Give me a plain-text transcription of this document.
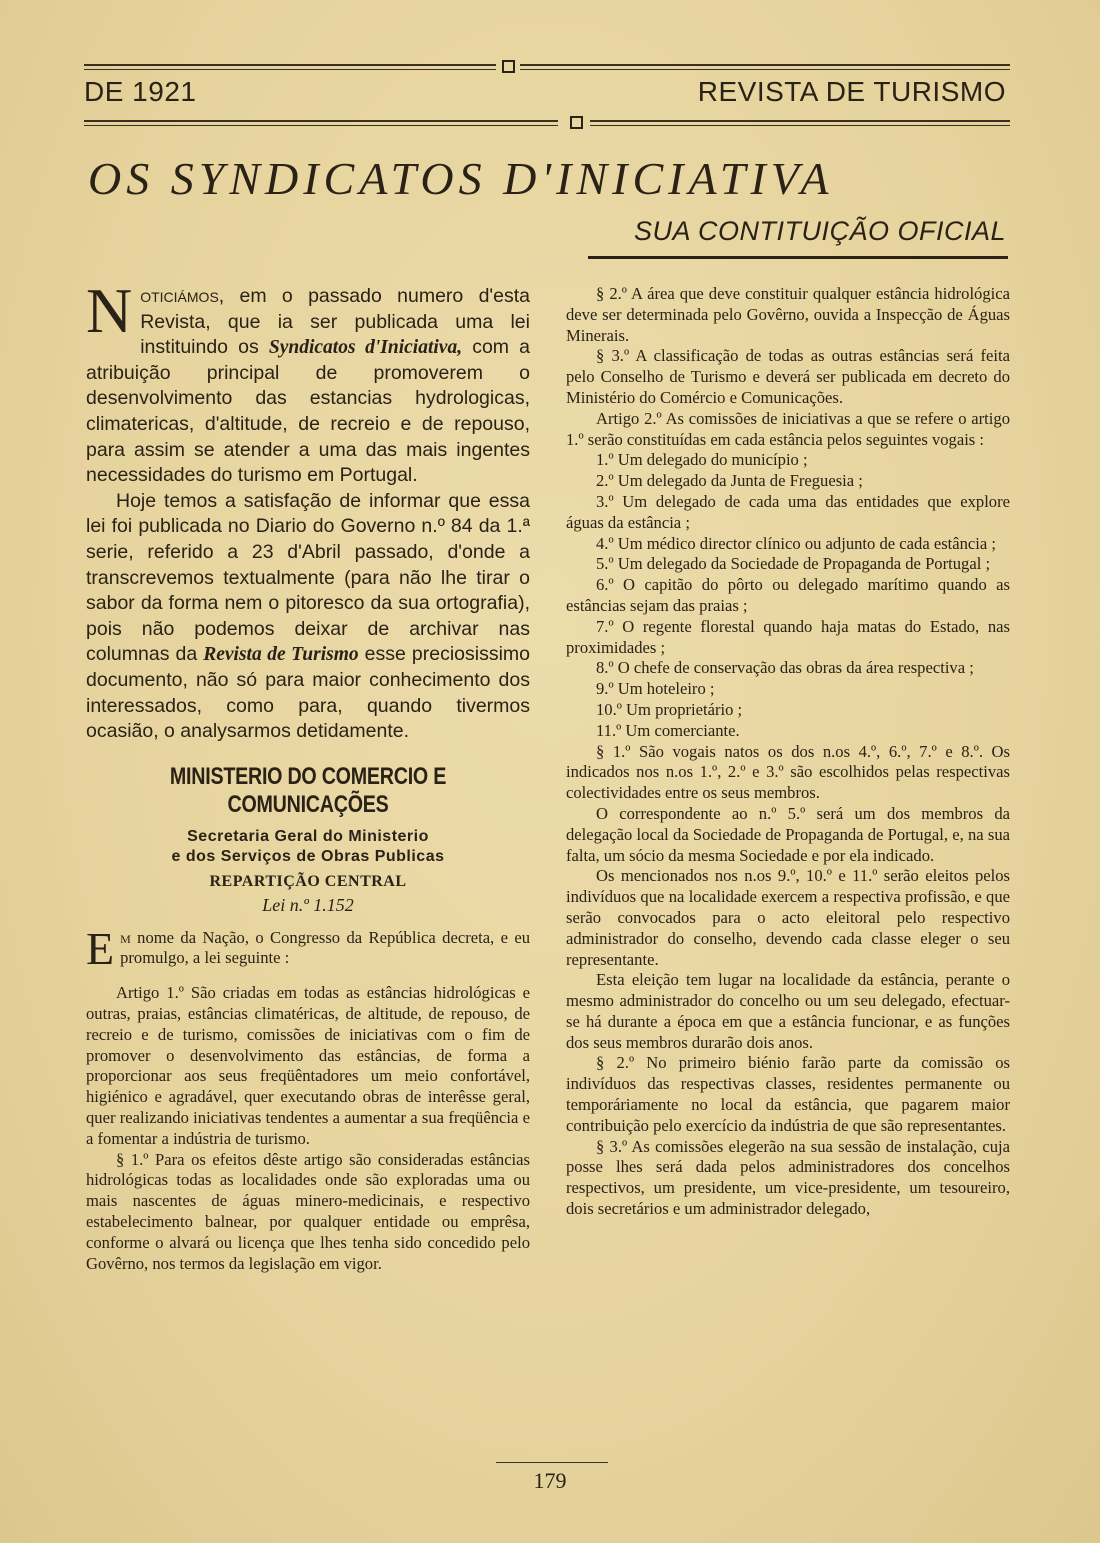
DE 1921	REVISTA DE TURISMO
OS SYNDICATOS D'INICIATIVA
SUA CONTITUIÇÃO OFICIAL

Noticiámos, em o passado numero d'esta Revista, que ia ser publicada uma lei instituindo os Syndicatos d'Iniciativa, com a atribuição principal de promoverem o desenvolvimento das estancias hydrologicas, climatericas, d'altitude, de recreio e de repouso, para assim se atender a uma das mais ingentes necessidades do turismo em Portugal.

Hoje temos a satisfação de informar que essa lei foi publicada no Diario do Governo n.º 84 da 1.ª serie, referido a 23 d'Abril passado, d'onde a transcrevemos textualmente (para não lhe tirar o sabor da forma nem o pitoresco da sua ortografia), pois não podemos deixar de archivar nas columnas da Revista de Turismo esse preciosissimo documento, não só para maior conhecimento dos interessados, como para, quando tivermos ocasião, o analysarmos detidamente.

MINISTERIO DO COMERCIO E COMUNICAÇÕES
Secretaria Geral do Ministerio
e dos Serviços de Obras Publicas
REPARTIÇÃO CENTRAL
Lei n.º 1.152

Em nome da Nação, o Congresso da República decreta, e eu promulgo, a lei seguinte :

Artigo 1.º São criadas em todas as estâncias hidrológicas e outras, praias, estâncias climatéricas, de altitude, de repouso, de recreio e de turismo, comissões de iniciativas com o fim de promover o desenvolvimento das estâncias, de forma a proporcionar aos seus freqüêntadores um meio confortável, higiénico e agradável, quer executando obras de interêsse geral, quer realizando iniciativas tendentes a aumentar a sua freqüência e a fomentar a indústria de turismo.

§ 1.º Para os efeitos dêste artigo são consideradas estâncias hidrológicas todas as localidades onde são exploradas uma ou mais nascentes de águas minero-medicinais, e respectivo estabelecimento balnear, por qualquer entidade ou emprêsa, conforme o alvará ou licença que lhes tenha sido concedido pelo Govêrno, nos termos da legislação em vigor.

§ 2.º A área que deve constituir qualquer estância hidrológica deve ser determinada pelo Govêrno, ouvida a Inspecção de Águas Minerais.

§ 3.º A classificação de todas as outras estâncias será feita pelo Conselho de Turismo e deverá ser publicada em decreto do Ministério do Comércio e Comunicações.

Artigo 2.º As comissões de iniciativas a que se refere o artigo 1.º serão constituídas em cada estância pelos seguintes vogais :

1.º Um delegado do município ;

2.º Um delegado da Junta de Freguesia ;

3.º Um delegado de cada uma das entidades que explore águas da estância ;

4.º Um médico director clínico ou adjunto de cada estância ;

5.º Um delegado da Sociedade de Propaganda de Portugal ;

6.º O capitão do pôrto ou delegado marítimo quando as estâncias sejam das praias ;

7.º O regente florestal quando haja matas do Estado, nas proximidades ;

8.º O chefe de conservação das obras da área respectiva ;

9.º Um hoteleiro ;

10.º Um proprietário ;

11.º Um comerciante.

§ 1.º São vogais natos os dos n.os 4.º, 6.º, 7.º e 8.º. Os indicados nos n.os 1.º, 2.º e 3.º são escolhidos pelas respectivas colectividades entre os seus membros.

O correspondente ao n.º 5.º será um dos membros da delegação local da Sociedade de Propaganda de Portugal, e, na sua falta, um sócio da mesma Sociedade e por ela indicado.

Os mencionados nos n.os 9.º, 10.º e 11.º serão eleitos pelos indivíduos que na localidade exercem a respectiva profissão, e que serão convocados para o acto eleitoral pelo respectivo administrador do conselho, devendo cada classe eleger o seu representante.

Esta eleição tem lugar na localidade da estância, perante o mesmo administrador do concelho ou um seu delegado, efectuar-se há durante a época em que a estância funcionar, e as funções dos seus membros durarão dois anos.

§ 2.º No primeiro biénio farão parte da comissão os indivíduos das respectivas classes, residentes permanente ou temporáriamente no local da estância, que pagarem maior contribuição pelo exercício da indústria de que são representantes.

§ 3.º As comissões elegerão na sua sessão de instalação, cuja posse lhes será dada pelos administradores dos concelhos respectivos, um presidente, um vice-presidente, um tesoureiro, dois secretários e um administrador delegado,

179
